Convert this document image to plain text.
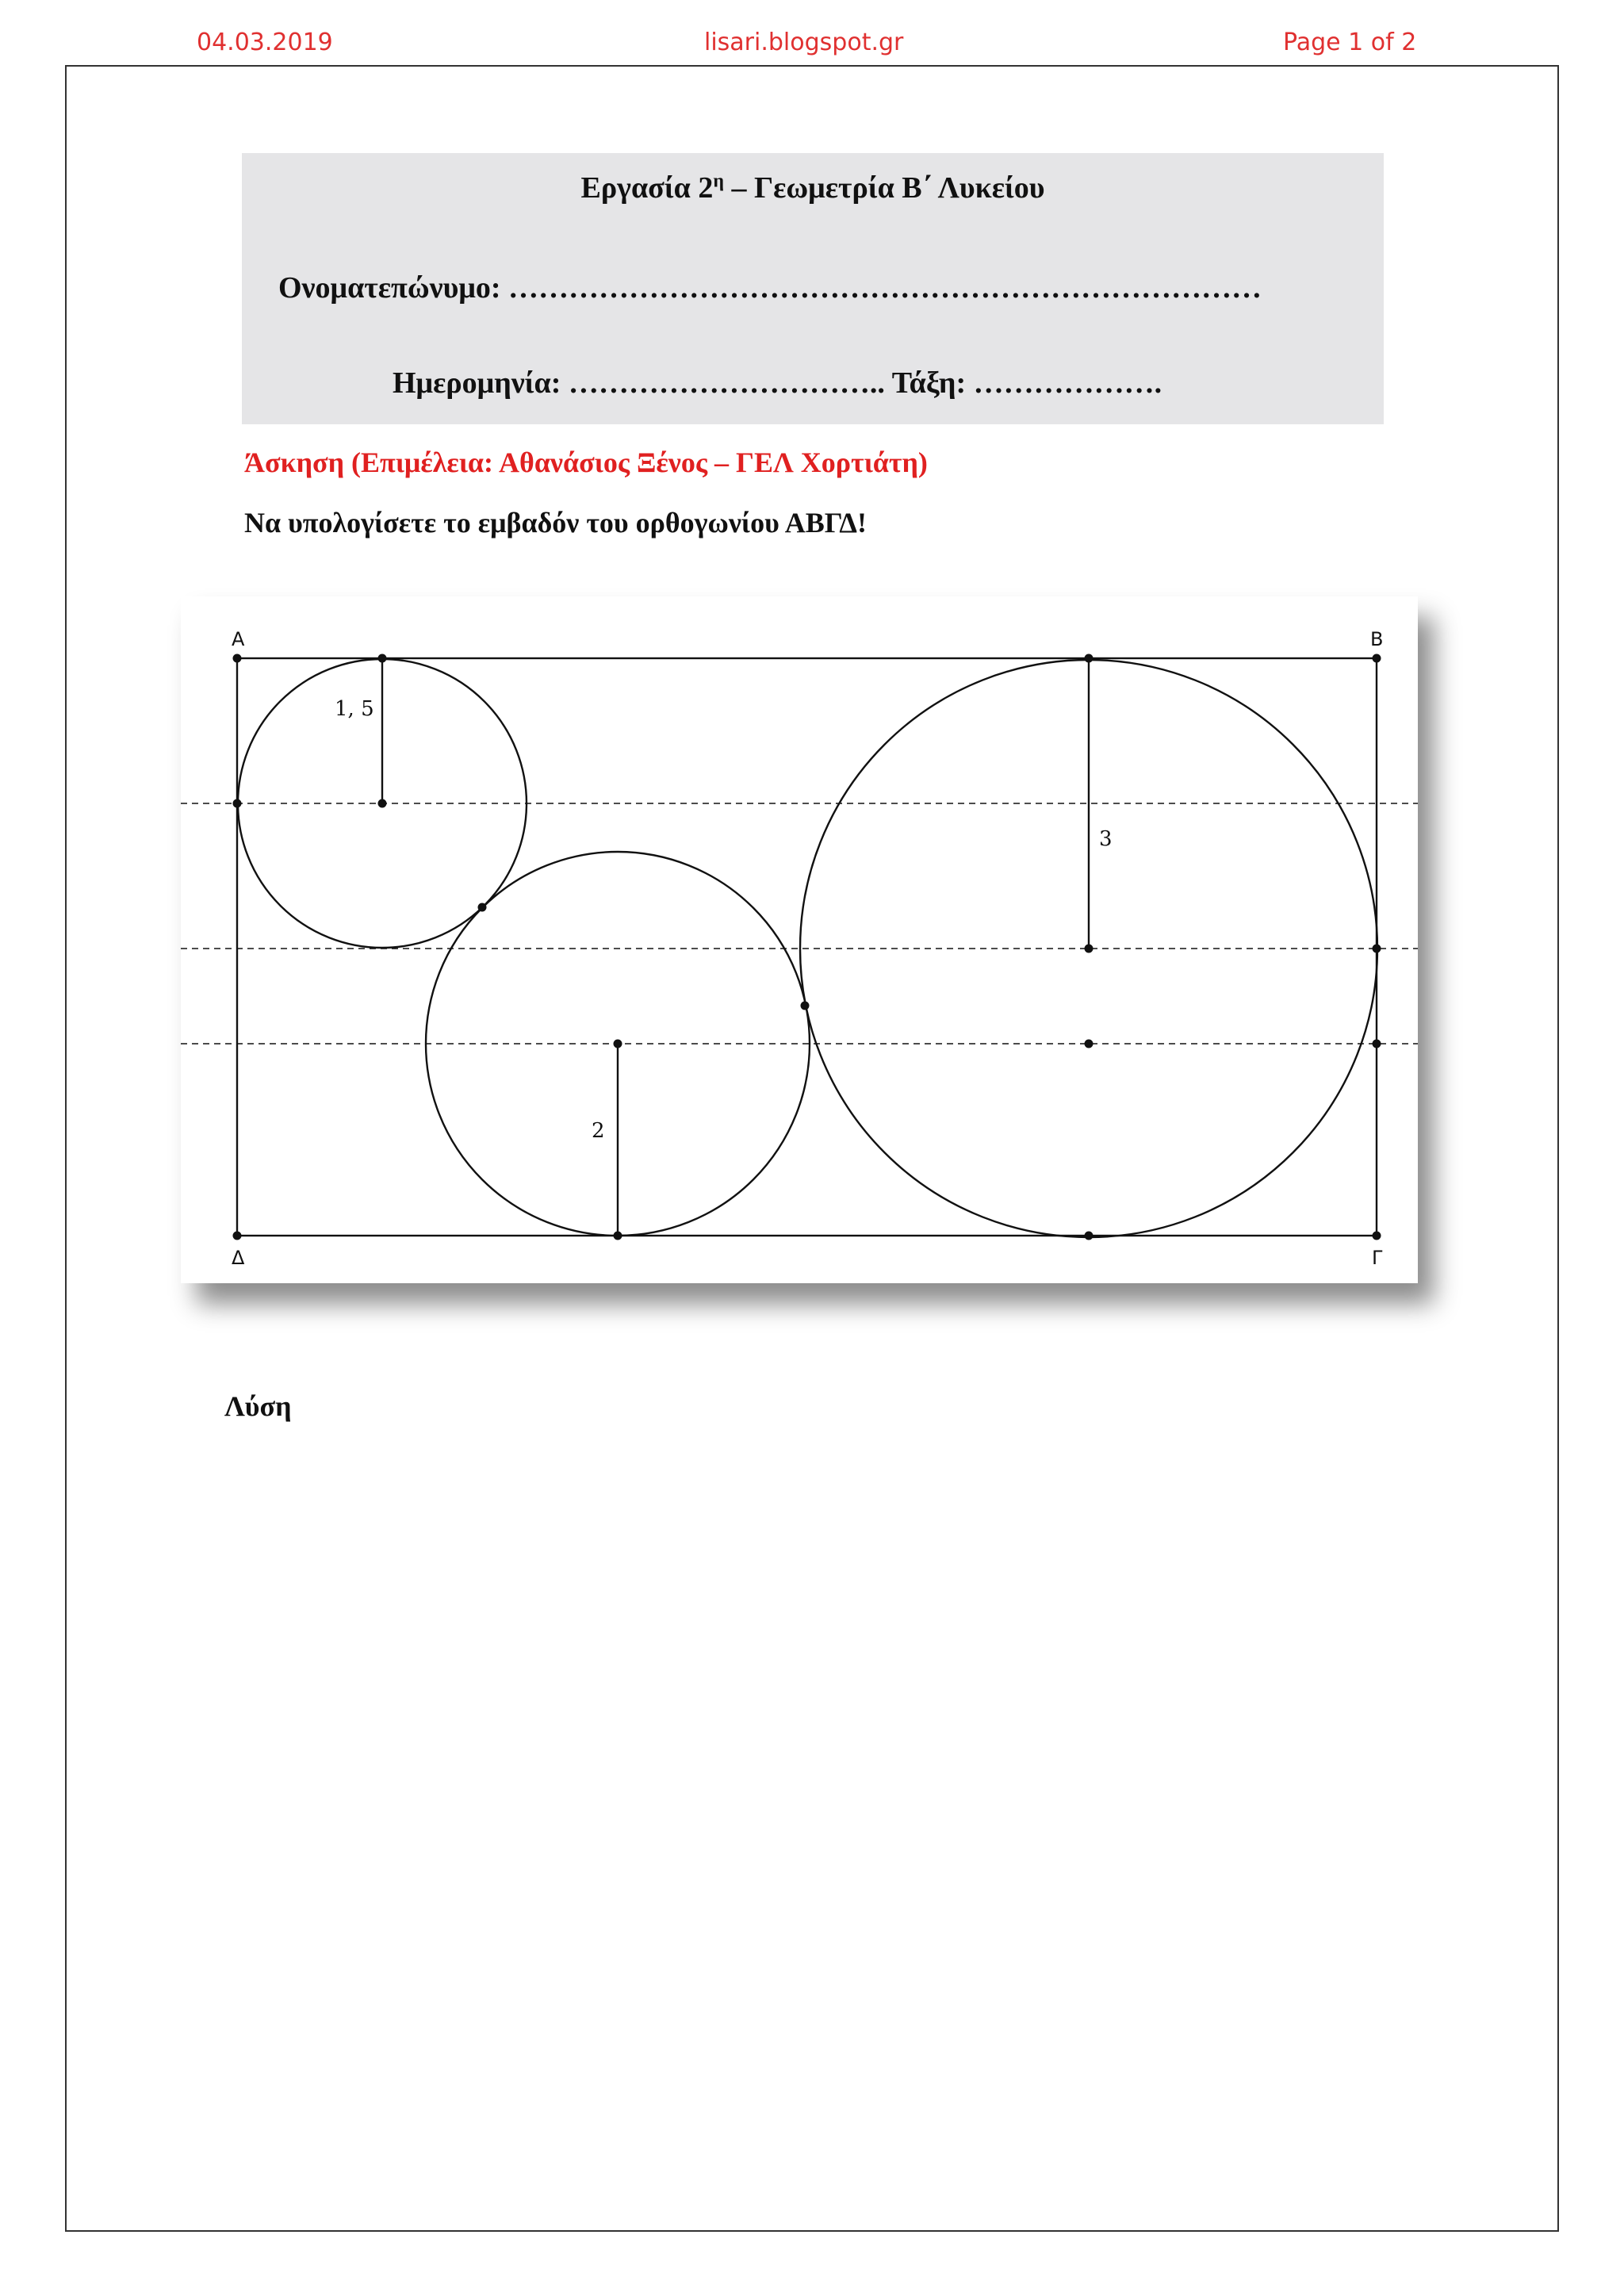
04.03.2019	lisari.blogspot.gr	Page 1 of 2
Εργασία $2^\eta$ – Γεωμετρία Β΄ Λυκείου
Ονοματεπώνυμο: …………………………………………………………………
Ημερομηνία: ………………………….. Τάξη: ……………….
Άσκηση (Επιμέλεια: Αθανάσιος Ξένος – ΓΕΛ Χορτιάτη)
Να υπολογίσετε το εμβαδόν του ορθογωνίου ΑΒΓΔ!
Α	Β
Δ	Γ
1, 5
2
3
Λύση
